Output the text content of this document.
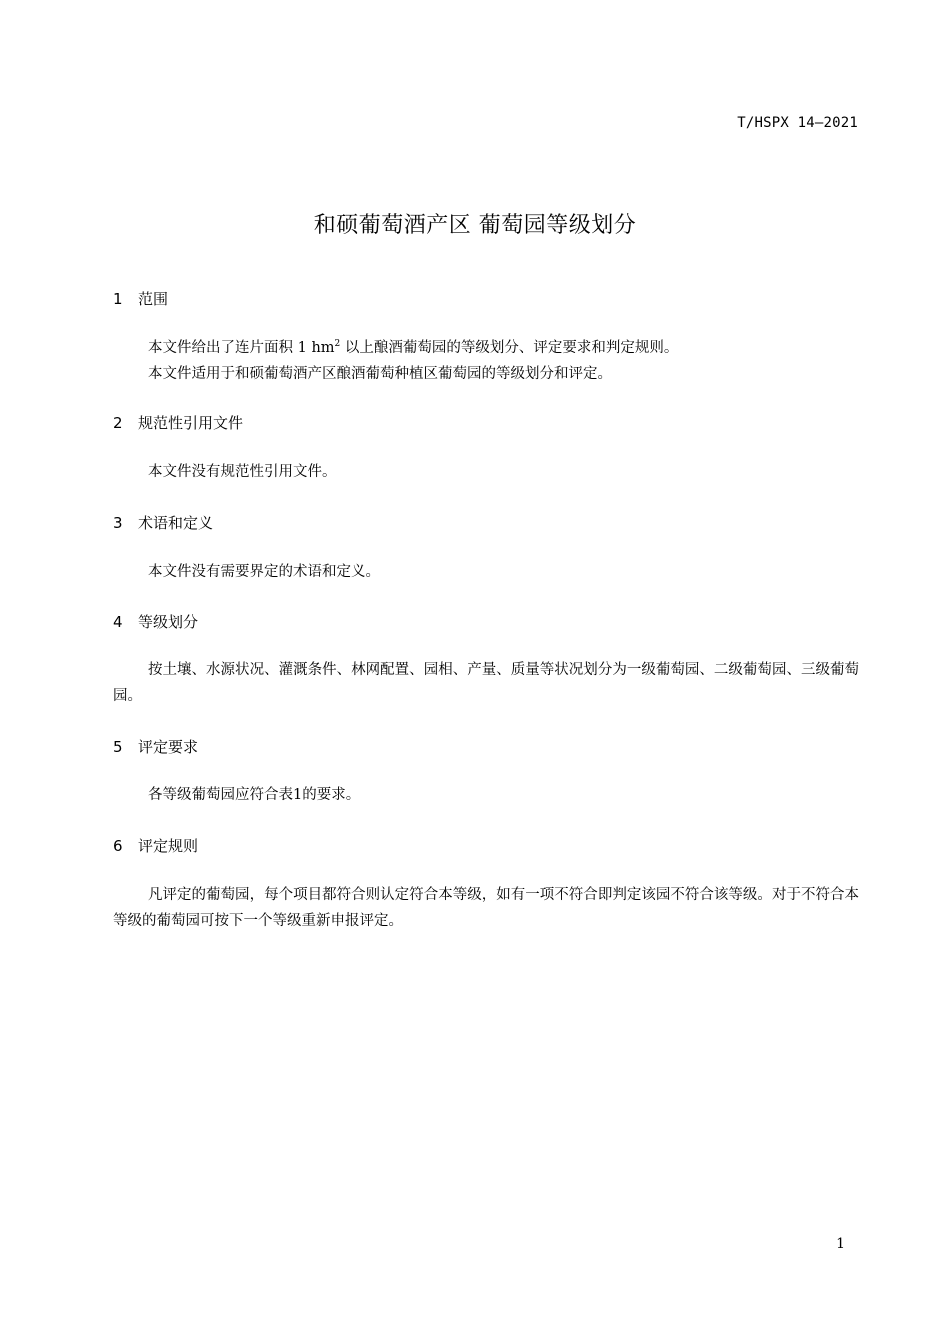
T/HSPX 14—2021
和硕葡萄酒产区 葡萄园等级划分
1 范围
本文件给出了连片面积 1 $hm^2$ 以上酿酒葡萄园的等级划分、评定要求和判定规则。
本文件适用于和硕葡萄酒产区酿酒葡萄种植区葡萄园的等级划分和评定。
2 规范性引用文件
本文件没有规范性引用文件。
3 术语和定义
本文件没有需要界定的术语和定义。
4 等级划分
按土壤、水源状况、灌溉条件、林网配置、园相、产量、质量等状况划分为一级葡萄园、二级葡萄园、三级葡萄园。
5 评定要求
各等级葡萄园应符合表1的要求。
6 评定规则
凡评定的葡萄园，每个项目都符合则认定符合本等级，如有一项不符合即判定该园不符合该等级。对于不符合本等级的葡萄园可按下一个等级重新申报评定。
1
